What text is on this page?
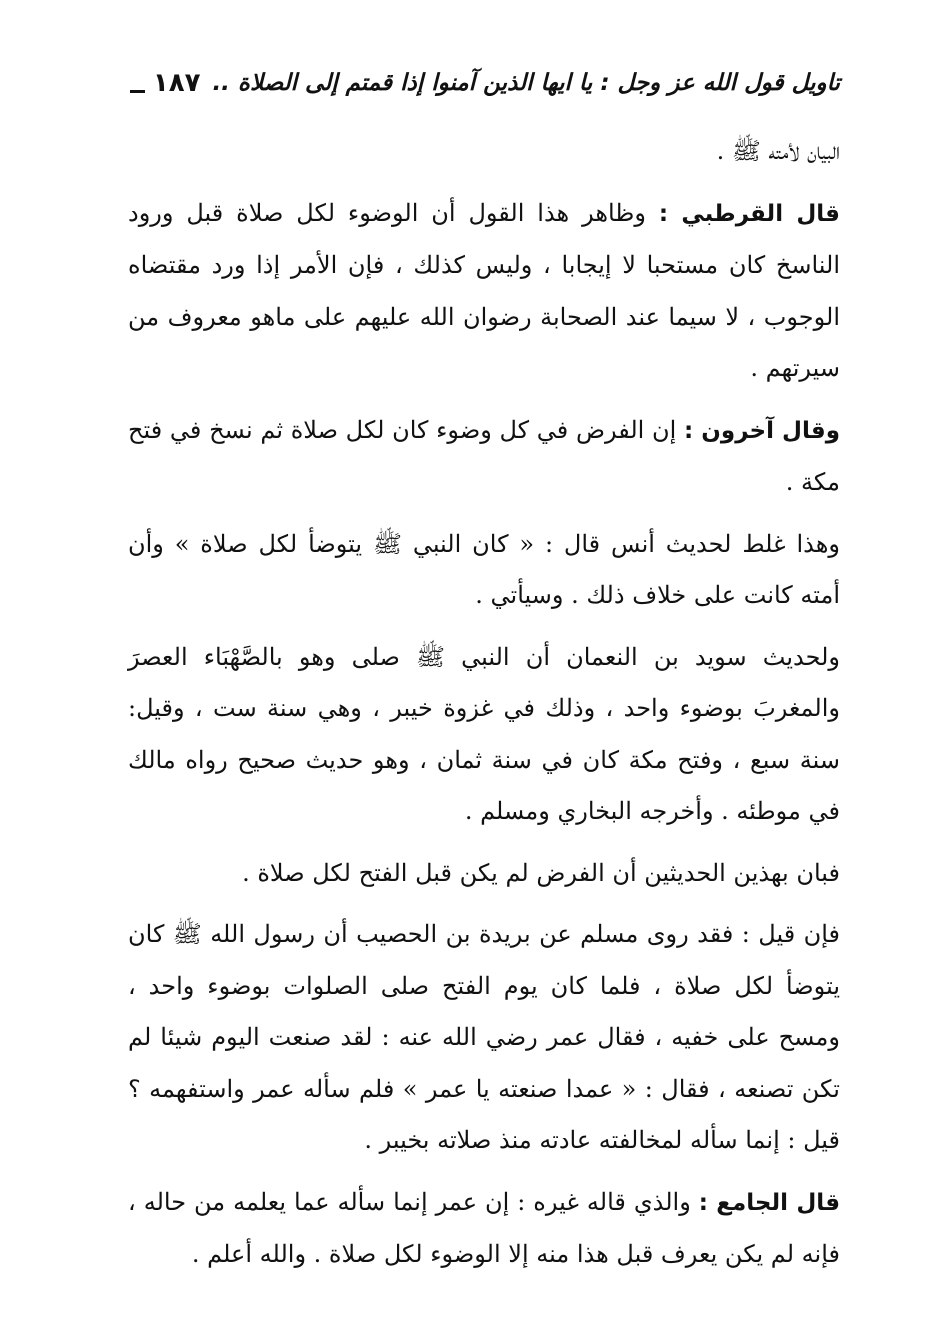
تاويل قول الله عز وجل : يا ايها الذين آمنوا إذا قمتم إلى الصلاة ..
١٨٧

البيان لأمته ﷺ .

قال القرطبي : وظاهر هذا القول أن الوضوء لكل صلاة قبل ورود الناسخ كان مستحبا لا إيجابا ، وليس كذلك ، فإن الأمر إذا ورد مقتضاه الوجوب ، لا سيما عند الصحابة رضوان الله عليهم على ماهو معروف من سيرتهم .

وقال آخرون : إن الفرض في كل وضوء كان لكل صلاة ثم نسخ في فتح مكة .

وهذا غلط لحديث أنس قال : « كان النبي ﷺ يتوضأ لكل صلاة » وأن أمته كانت على خلاف ذلك . وسيأتي .

ولحديث سويد بن النعمان أن النبي ﷺ صلى وهو بالصَّهْبَاء العصرَ والمغربَ بوضوء واحد ، وذلك في غزوة خيبر ، وهي سنة ست ، وقيل: سنة سبع ، وفتح مكة كان في سنة ثمان ، وهو حديث صحيح رواه مالك في موطئه . وأخرجه البخاري ومسلم .

فبان بهذين الحديثين أن الفرض لم يكن قبل الفتح لكل صلاة .

فإن قيل : فقد روى مسلم عن بريدة بن الحصيب أن رسول الله ﷺ كان يتوضأ لكل صلاة ، فلما كان يوم الفتح صلى الصلوات بوضوء واحد ، ومسح على خفيه ، فقال عمر رضي الله عنه : لقد صنعت اليوم شيئا لم تكن تصنعه ، فقال : « عمدا صنعته يا عمر » فلم سأله عمر واستفهمه ؟ قيل : إنما سأله لمخالفته عادته منذ صلاته بخيبر .

قال الجامع : والذي قاله غيره : إن عمر إنما سأله عما يعلمه من حاله ، فإنه لم يكن يعرف قبل هذا منه إلا الوضوء لكل صلاة . والله أعلم .
